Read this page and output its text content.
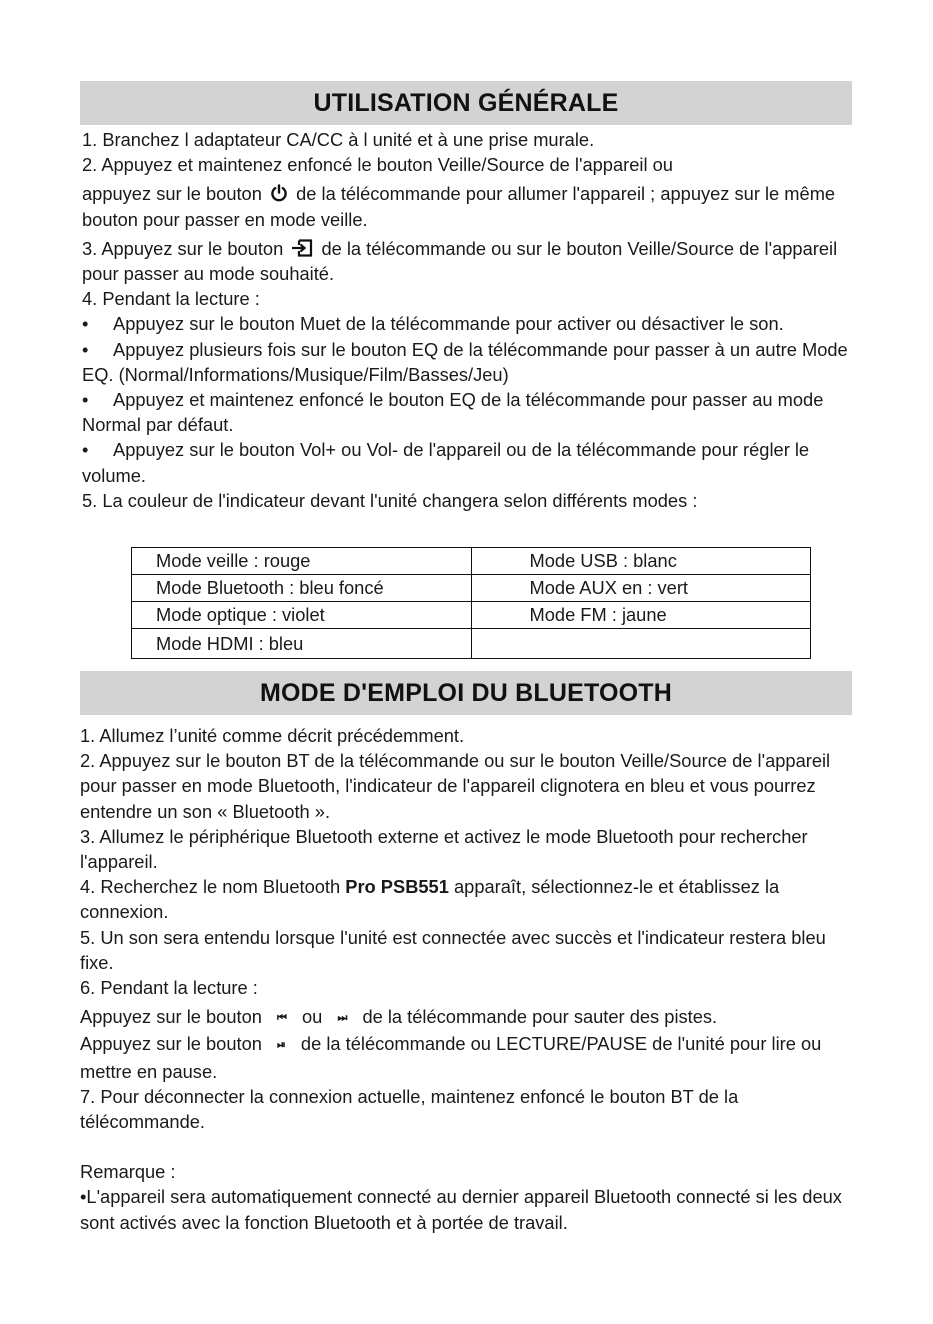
UTILISATION GÉNÉRALE

1. Branchez l adaptateur CA/CC à l unité et à une prise murale.

2. Appuyez et maintenez enfoncé le bouton Veille/Source de l'appareil ou

appuyez sur le bouton de la télécommande pour allumer l'appareil ; appuyez sur le même bouton pour passer en mode veille.

3. Appuyez sur le bouton de la télécommande ou sur le bouton Veille/Source de l'appareil pour passer au mode souhaité.

4. Pendant la lecture :

• Appuyez sur le bouton Muet de la télécommande pour activer ou désactiver le son.

• Appuyez plusieurs fois sur le bouton EQ de la télécommande pour passer à un autre Mode EQ. (Normal/Informations/Musique/Film/Basses/Jeu)

• Appuyez et maintenez enfoncé le bouton EQ de la télécommande pour passer au mode Normal par défaut.

• Appuyez sur le bouton Vol+ ou Vol- de l'appareil ou de la télécommande pour régler le volume.

5. La couleur de l'indicateur devant l'unité changera selon différents modes :

Mode veille : rouge	Mode USB : blanc
Mode Bluetooth : bleu foncé	Mode AUX en : vert
Mode optique : violet	Mode FM : jaune
Mode HDMI : bleu	
MODE D'EMPLOI DU BLUETOOTH

1. Allumez l’unité comme décrit précédemment.

2. Appuyez sur le bouton BT de la télécommande ou sur le bouton Veille/Source de l'appareil pour passer en mode Bluetooth, l'indicateur de l'appareil clignotera en bleu et vous pourrez entendre un son « Bluetooth ».

3. Allumez le périphérique Bluetooth externe et activez le mode Bluetooth pour rechercher l'appareil.

4. Recherchez le nom Bluetooth Pro PSB551 apparaît, sélectionnez-le et établissez la connexion.

5. Un son sera entendu lorsque l'unité est connectée avec succès et l'indicateur restera bleu fixe.

6. Pendant la lecture :

Appuyez sur le bouton ⏮ ou ⏭ de la télécommande pour sauter des pistes.

Appuyez sur le bouton ⏯ de la télécommande ou LECTURE/PAUSE de l'unité pour lire ou mettre en pause.

7. Pour déconnecter la connexion actuelle, maintenez enfoncé le bouton BT de la télécommande.

Remarque :

•L'appareil sera automatiquement connecté au dernier appareil Bluetooth connecté si les deux sont activés avec la fonction Bluetooth et à portée de travail.
